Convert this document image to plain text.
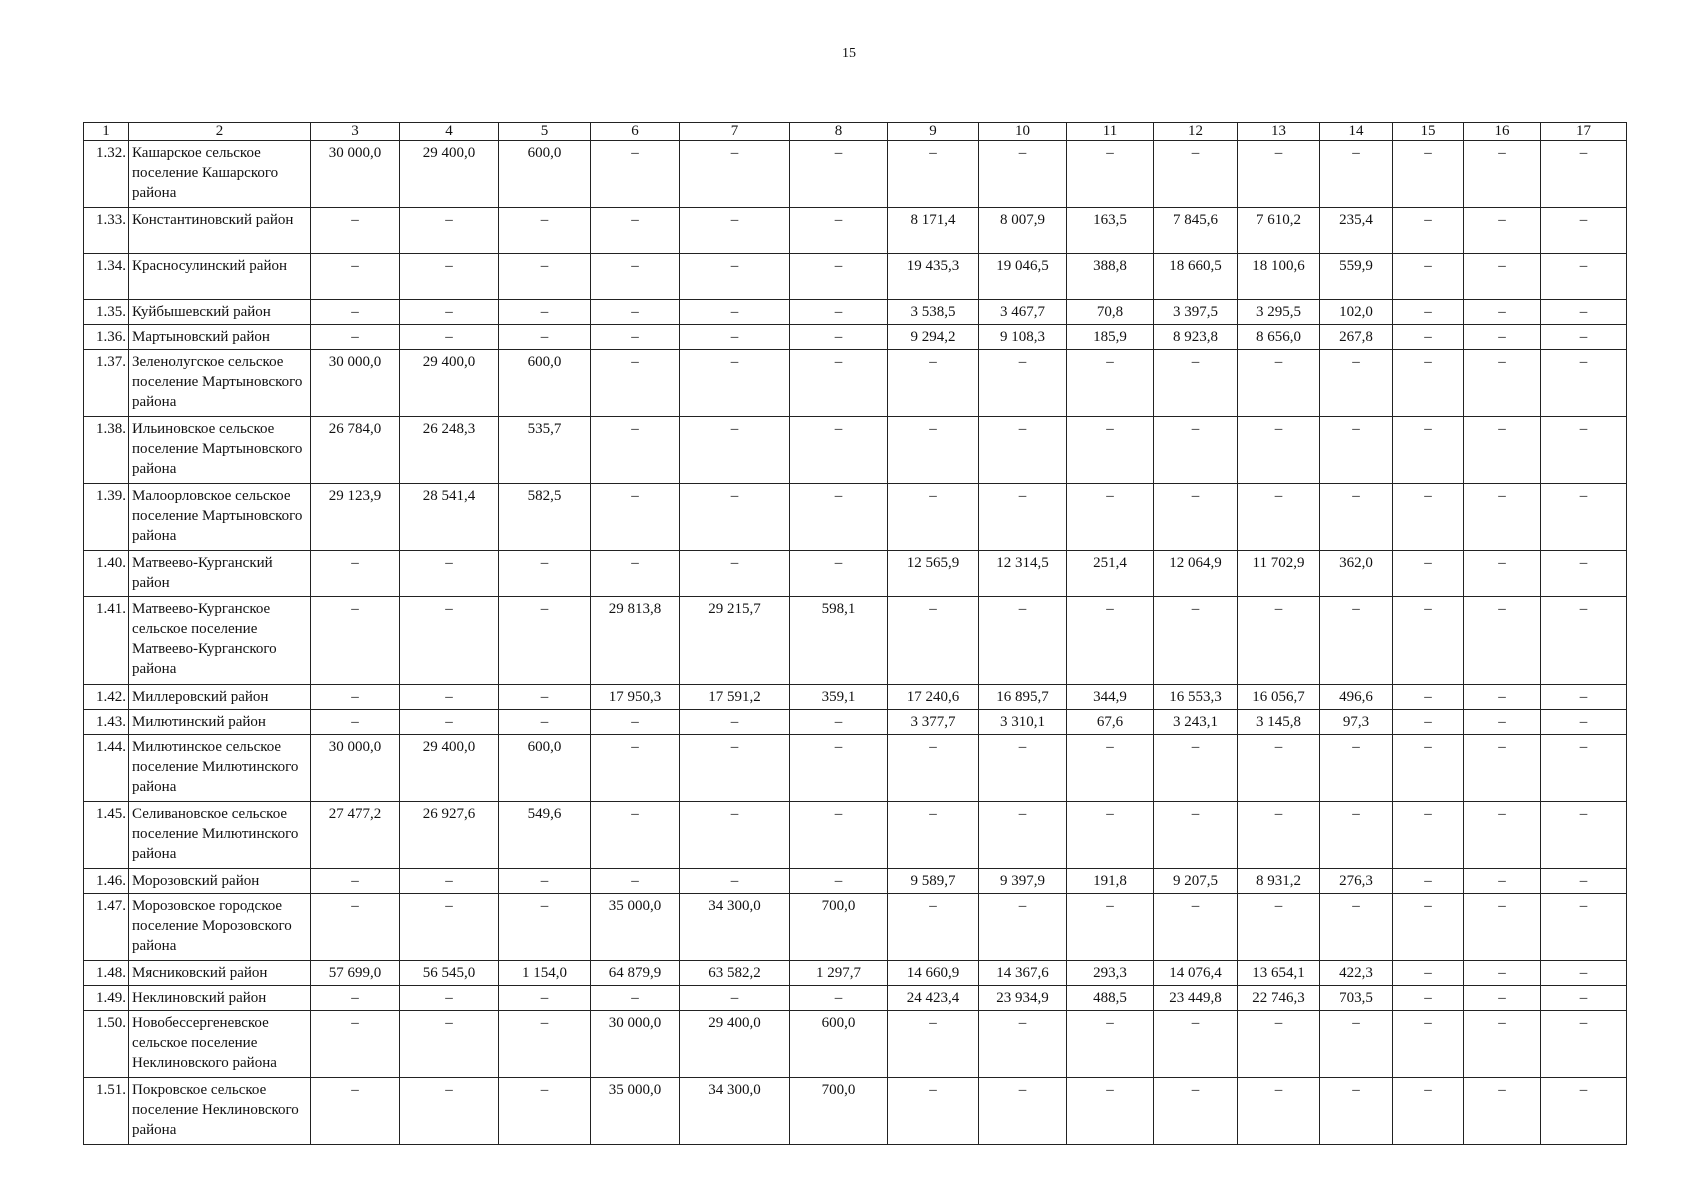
15
1	2	3	4	5	6	7	8	9	10	11	12	13	14	15	16	17
1.32.	Кашарское сельское поселение Кашарского района	30 000,0	29 400,0	600,0	–	–	–	–	–	–	–	–	–	–	–	–
1.33.	Константиновский район	–	–	–	–	–	–	8 171,4	8 007,9	163,5	7 845,6	7 610,2	235,4	–	–	–
1.34.	Красносулинский район	–	–	–	–	–	–	19 435,3	19 046,5	388,8	18 660,5	18 100,6	559,9	–	–	–
1.35.	Куйбышевский район	–	–	–	–	–	–	3 538,5	3 467,7	70,8	3 397,5	3 295,5	102,0	–	–	–
1.36.	Мартыновский район	–	–	–	–	–	–	9 294,2	9 108,3	185,9	8 923,8	8 656,0	267,8	–	–	–
1.37.	Зеленолугское сельское поселение Мартыновского района	30 000,0	29 400,0	600,0	–	–	–	–	–	–	–	–	–	–	–	–
1.38.	Ильиновское сельское поселение Мартыновского района	26 784,0	26 248,3	535,7	–	–	–	–	–	–	–	–	–	–	–	–
1.39.	Малоорловское сельское поселение Мартыновского района	29 123,9	28 541,4	582,5	–	–	–	–	–	–	–	–	–	–	–	–
1.40.	Матвеево-Курганский район	–	–	–	–	–	–	12 565,9	12 314,5	251,4	12 064,9	11 702,9	362,0	–	–	–
1.41.	Матвеево-Курганское сельское поселение Матвеево-Курганского района	–	–	–	29 813,8	29 215,7	598,1	–	–	–	–	–	–	–	–	–
1.42.	Миллеровский район	–	–	–	17 950,3	17 591,2	359,1	17 240,6	16 895,7	344,9	16 553,3	16 056,7	496,6	–	–	–
1.43.	Милютинский район	–	–	–	–	–	–	3 377,7	3 310,1	67,6	3 243,1	3 145,8	97,3	–	–	–
1.44.	Милютинское сельское поселение Милютинского района	30 000,0	29 400,0	600,0	–	–	–	–	–	–	–	–	–	–	–	–
1.45.	Селивановское сельское поселение Милютинского района	27 477,2	26 927,6	549,6	–	–	–	–	–	–	–	–	–	–	–	–
1.46.	Морозовский район	–	–	–	–	–	–	9 589,7	9 397,9	191,8	9 207,5	8 931,2	276,3	–	–	–
1.47.	Морозовское городское поселение Морозовского района	–	–	–	35 000,0	34 300,0	700,0	–	–	–	–	–	–	–	–	–
1.48.	Мясниковский район	57 699,0	56 545,0	1 154,0	64 879,9	63 582,2	1 297,7	14 660,9	14 367,6	293,3	14 076,4	13 654,1	422,3	–	–	–
1.49.	Неклиновский район	–	–	–	–	–	–	24 423,4	23 934,9	488,5	23 449,8	22 746,3	703,5	–	–	–
1.50.	Новобессергеневское сельское поселение Неклиновского района	–	–	–	30 000,0	29 400,0	600,0	–	–	–	–	–	–	–	–	–
1.51.	Покровское сельское поселение Неклиновского района	–	–	–	35 000,0	34 300,0	700,0	–	–	–	–	–	–	–	–	–
